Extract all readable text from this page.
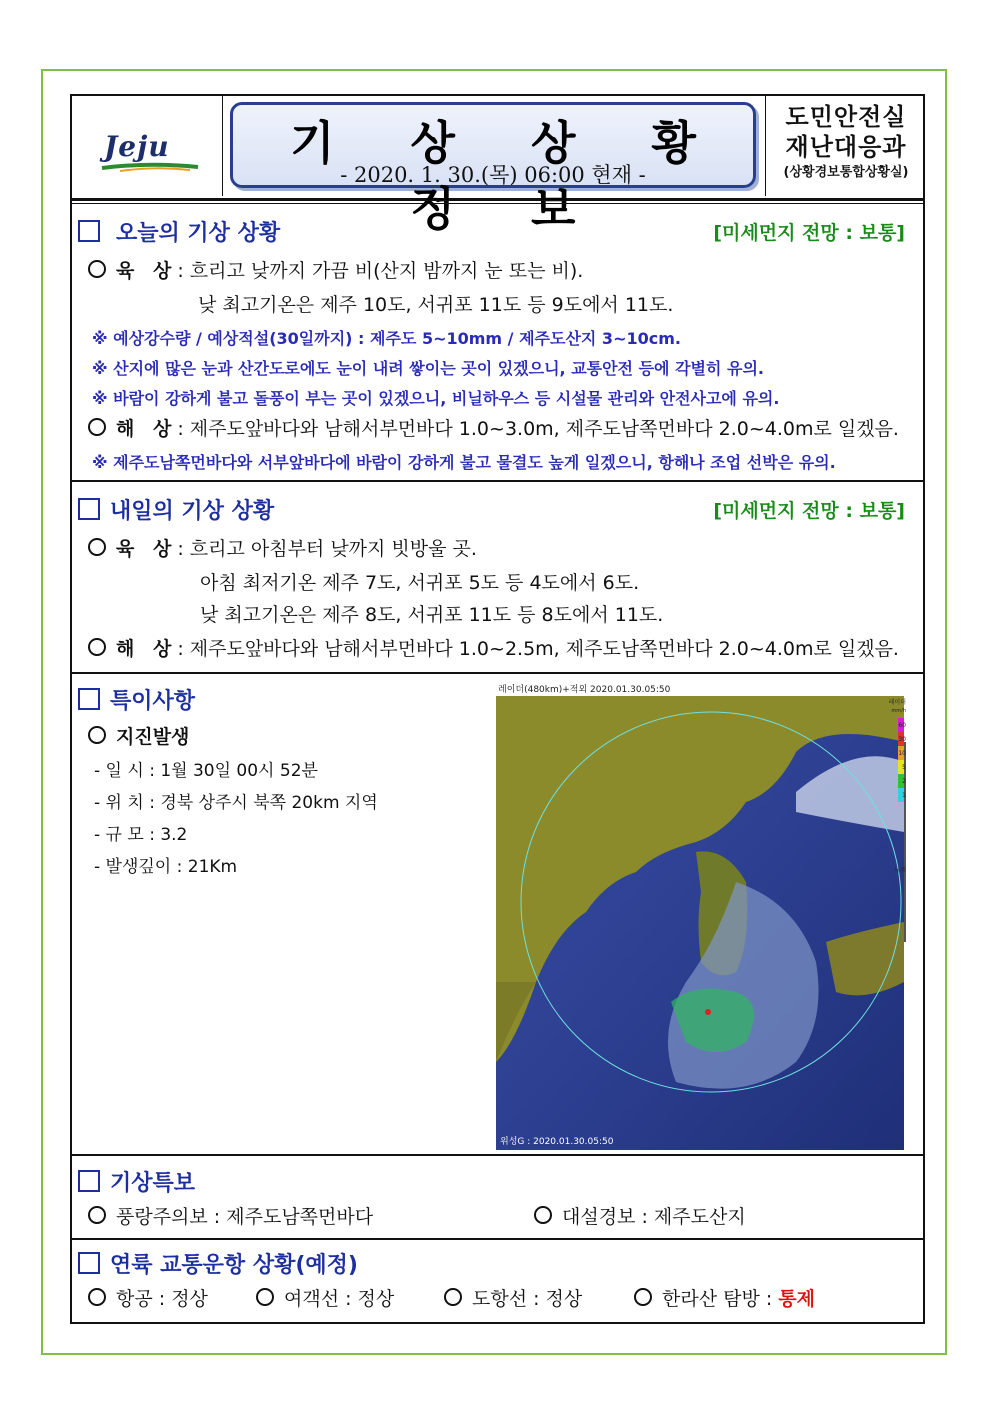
Jeju	기 상 상 황 정 보
- 2020. 1. 30.(목) 06:00 현재 -
도민안전실
재난대응과
(상황경보통합상황실)
오늘의 기상 상황	[미세먼지 전망 : 보통]
육 상: 흐리고 낮까지 가끔 비(산지 밤까지 눈 또는 비).
낮 최고기온은 제주 10도, 서귀포 11도 등 9도에서 11도.
※ 예상강수량 / 예상적설(30일까지) : 제주도 5~10mm / 제주도산지 3~10cm.
※ 산지에 많은 눈과 산간도로에도 눈이 내려 쌓이는 곳이 있겠으니, 교통안전 등에 각별히 유의.
※ 바람이 강하게 불고 돌풍이 부는 곳이 있겠으니, 비닐하우스 등 시설물 관리와 안전사고에 유의.
해 상: 제주도앞바다와 남해서부먼바다 1.0~3.0m, 제주도남쪽먼바다 2.0~4.0m로 일겠음.
※ 제주도남쪽먼바다와 서부앞바다에 바람이 강하게 불고 물결도 높게 일겠으니, 항해나 조업 선박은 유의.
내일의 기상 상황	[미세먼지 전망 : 보통]
육 상: 흐리고 아침부터 낮까지 빗방울 곳.
아침 최저기온 제주 7도, 서귀포 5도 등 4도에서 6도.
낮 최고기온은 제주 8도, 서귀포 11도 등 8도에서 11도.
해 상: 제주도앞바다와 남해서부먼바다 1.0~2.5m, 제주도남쪽먼바다 2.0~4.0m로 일겠음.
특이사항
지진발생
- 일 시 : 1월 30일 00시 52분
- 위 치 : 경북 상주시 북쪽 20km 지역
- 규 모 : 3.2
- 발생깊이 : 21Km
레이더(480km)+적외 2020.01.30.05:50
위성G : 2020.01.30.05:50
레이더
mm/h
60
30
10
5
2
1
낙뢰
기상특보
풍랑주의보 : 제주도남쪽먼바다	대설경보 : 제주도산지
연륙 교통운항 상황(예정)
항공 : 정상	여객선 : 정상	도항선 : 정상	한라산 탐방 : 통제
